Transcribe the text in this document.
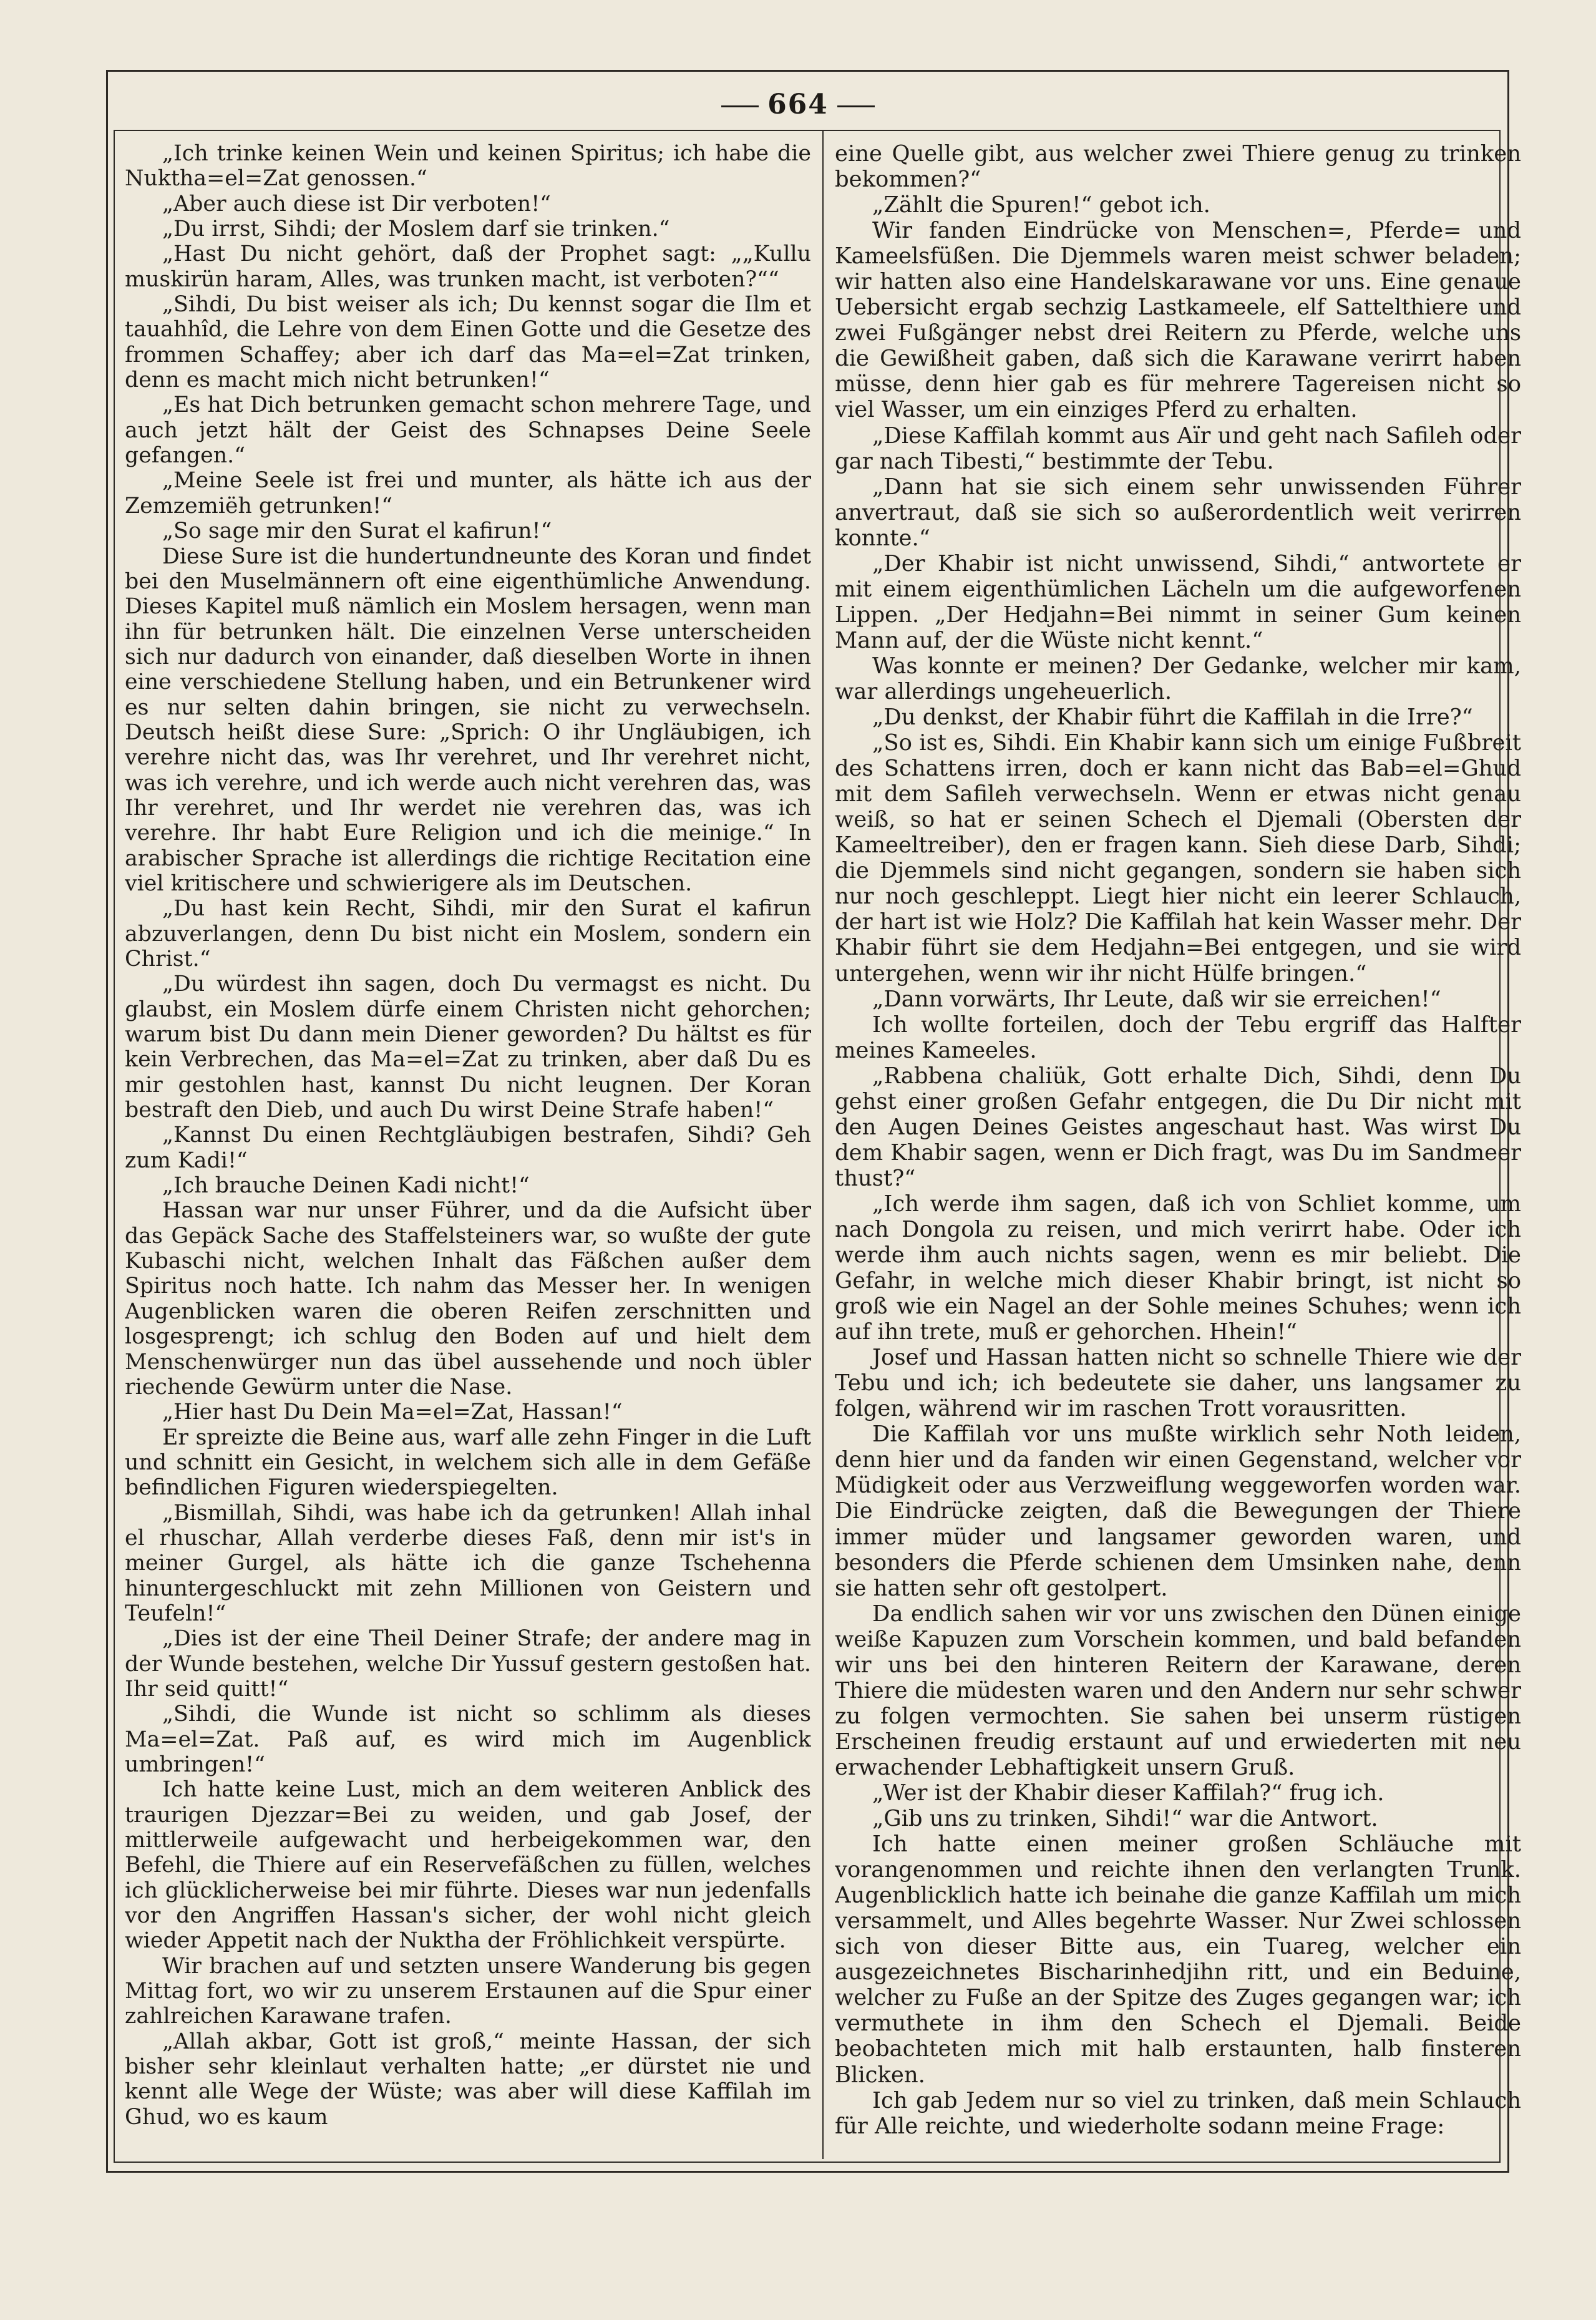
664

„Ich trinke keinen Wein und keinen Spiritus; ich habe die Nuktha=el=Zat genossen.“

„Aber auch diese ist Dir verboten!“

„Du irrst, Sihdi; der Moslem darf sie trinken.“

„Hast Du nicht gehört, daß der Prophet sagt: „„Kullu muskirün haram, Alles, was trunken macht, ist verboten?““

„Sihdi, Du bist weiser als ich; Du kennst sogar die Ilm et tauahhîd, die Lehre von dem Einen Gotte und die Gesetze des frommen Schaffey; aber ich darf das Ma=el=Zat trinken, denn es macht mich nicht betrunken!“

„Es hat Dich betrunken gemacht schon mehrere Tage, und auch jetzt hält der Geist des Schnapses Deine Seele gefangen.“

„Meine Seele ist frei und munter, als hätte ich aus der Zemzemiëh getrunken!“

„So sage mir den Surat el kafirun!“

Diese Sure ist die hundertundneunte des Koran und findet bei den Muselmännern oft eine eigenthümliche Anwendung. Dieses Kapitel muß nämlich ein Moslem hersagen, wenn man ihn für betrunken hält. Die einzelnen Verse unterscheiden sich nur dadurch von einander, daß dieselben Worte in ihnen eine verschiedene Stellung haben, und ein Betrunkener wird es nur selten dahin bringen, sie nicht zu verwechseln. Deutsch heißt diese Sure: „Sprich: O ihr Ungläubigen, ich verehre nicht das, was Ihr verehret, und Ihr verehret nicht, was ich verehre, und ich werde auch nicht verehren das, was Ihr verehret, und Ihr werdet nie verehren das, was ich verehre. Ihr habt Eure Religion und ich die meinige.“ In arabischer Sprache ist allerdings die richtige Recitation eine viel kritischere und schwierigere als im Deutschen.

„Du hast kein Recht, Sihdi, mir den Surat el kafirun abzuverlangen, denn Du bist nicht ein Moslem, sondern ein Christ.“

„Du würdest ihn sagen, doch Du vermagst es nicht. Du glaubst, ein Moslem dürfe einem Christen nicht gehorchen; warum bist Du dann mein Diener geworden? Du hältst es für kein Verbrechen, das Ma=el=Zat zu trinken, aber daß Du es mir gestohlen hast, kannst Du nicht leugnen. Der Koran bestraft den Dieb, und auch Du wirst Deine Strafe haben!“

„Kannst Du einen Rechtgläubigen bestrafen, Sihdi? Geh zum Kadi!“

„Ich brauche Deinen Kadi nicht!“

Hassan war nur unser Führer, und da die Aufsicht über das Gepäck Sache des Staffelsteiners war, so wußte der gute Kubaschi nicht, welchen Inhalt das Fäßchen außer dem Spiritus noch hatte. Ich nahm das Messer her. In wenigen Augenblicken waren die oberen Reifen zerschnitten und losgesprengt; ich schlug den Boden auf und hielt dem Menschenwürger nun das übel aussehende und noch übler riechende Gewürm unter die Nase.

„Hier hast Du Dein Ma=el=Zat, Hassan!“

Er spreizte die Beine aus, warf alle zehn Finger in die Luft und schnitt ein Gesicht, in welchem sich alle in dem Gefäße befindlichen Figuren wiederspiegelten.

„Bismillah, Sihdi, was habe ich da getrunken! Allah inhal el rhuschar, Allah verderbe dieses Faß, denn mir ist's in meiner Gurgel, als hätte ich die ganze Tschehenna hinuntergeschluckt mit zehn Millionen von Geistern und Teufeln!“

„Dies ist der eine Theil Deiner Strafe; der andere mag in der Wunde bestehen, welche Dir Yussuf gestern gestoßen hat. Ihr seid quitt!“

„Sihdi, die Wunde ist nicht so schlimm als dieses Ma=el=Zat. Paß auf, es wird mich im Augenblick umbringen!“

Ich hatte keine Lust, mich an dem weiteren Anblick des traurigen Djezzar=Bei zu weiden, und gab Josef, der mittlerweile aufgewacht und herbeigekommen war, den Befehl, die Thiere auf ein Reservefäßchen zu füllen, welches ich glücklicherweise bei mir führte. Dieses war nun jedenfalls vor den Angriffen Hassan's sicher, der wohl nicht gleich wieder Appetit nach der Nuktha der Fröhlichkeit verspürte.

Wir brachen auf und setzten unsere Wanderung bis gegen Mittag fort, wo wir zu unserem Erstaunen auf die Spur einer zahlreichen Karawane trafen.

„Allah akbar, Gott ist groß,“ meinte Hassan, der sich bisher sehr kleinlaut verhalten hatte; „er dürstet nie und kennt alle Wege der Wüste; was aber will diese Kaffilah im Ghud, wo es kaum

eine Quelle gibt, aus welcher zwei Thiere genug zu trinken bekommen?“

„Zählt die Spuren!“ gebot ich.

Wir fanden Eindrücke von Menschen=, Pferde= und Kameelsfüßen. Die Djemmels waren meist schwer beladen; wir hatten also eine Handelskarawane vor uns. Eine genaue Uebersicht ergab sechzig Lastkameele, elf Sattelthiere und zwei Fußgänger nebst drei Reitern zu Pferde, welche uns die Gewißheit gaben, daß sich die Karawane verirrt haben müsse, denn hier gab es für mehrere Tagereisen nicht so viel Wasser, um ein einziges Pferd zu erhalten.

„Diese Kaffilah kommt aus Aïr und geht nach Safileh oder gar nach Tibesti,“ bestimmte der Tebu.

„Dann hat sie sich einem sehr unwissenden Führer anvertraut, daß sie sich so außerordentlich weit verirren konnte.“

„Der Khabir ist nicht unwissend, Sihdi,“ antwortete er mit einem eigenthümlichen Lächeln um die aufgeworfenen Lippen. „Der Hedjahn=Bei nimmt in seiner Gum keinen Mann auf, der die Wüste nicht kennt.“

Was konnte er meinen? Der Gedanke, welcher mir kam, war allerdings ungeheuerlich.

„Du denkst, der Khabir führt die Kaffilah in die Irre?“

„So ist es, Sihdi. Ein Khabir kann sich um einige Fußbreit des Schattens irren, doch er kann nicht das Bab=el=Ghud mit dem Safileh verwechseln. Wenn er etwas nicht genau weiß, so hat er seinen Schech el Djemali (Obersten der Kameeltreiber), den er fragen kann. Sieh diese Darb, Sihdi; die Djemmels sind nicht gegangen, sondern sie haben sich nur noch geschleppt. Liegt hier nicht ein leerer Schlauch, der hart ist wie Holz? Die Kaffilah hat kein Wasser mehr. Der Khabir führt sie dem Hedjahn=Bei entgegen, und sie wird untergehen, wenn wir ihr nicht Hülfe bringen.“

„Dann vorwärts, Ihr Leute, daß wir sie erreichen!“

Ich wollte forteilen, doch der Tebu ergriff das Halfter meines Kameeles.

„Rabbena chaliük, Gott erhalte Dich, Sihdi, denn Du gehst einer großen Gefahr entgegen, die Du Dir nicht mit den Augen Deines Geistes angeschaut hast. Was wirst Du dem Khabir sagen, wenn er Dich fragt, was Du im Sandmeer thust?“

„Ich werde ihm sagen, daß ich von Schliet komme, um nach Dongola zu reisen, und mich verirrt habe. Oder ich werde ihm auch nichts sagen, wenn es mir beliebt. Die Gefahr, in welche mich dieser Khabir bringt, ist nicht so groß wie ein Nagel an der Sohle meines Schuhes; wenn ich auf ihn trete, muß er gehorchen. Hhein!“

Josef und Hassan hatten nicht so schnelle Thiere wie der Tebu und ich; ich bedeutete sie daher, uns langsamer zu folgen, während wir im raschen Trott vorausritten.

Die Kaffilah vor uns mußte wirklich sehr Noth leiden, denn hier und da fanden wir einen Gegenstand, welcher vor Müdigkeit oder aus Verzweiflung weggeworfen worden war. Die Eindrücke zeigten, daß die Bewegungen der Thiere immer müder und langsamer geworden waren, und besonders die Pferde schienen dem Umsinken nahe, denn sie hatten sehr oft gestolpert.

Da endlich sahen wir vor uns zwischen den Dünen einige weiße Kapuzen zum Vorschein kommen, und bald befanden wir uns bei den hinteren Reitern der Karawane, deren Thiere die müdesten waren und den Andern nur sehr schwer zu folgen vermochten. Sie sahen bei unserm rüstigen Erscheinen freudig erstaunt auf und erwiederten mit neu erwachender Lebhaftigkeit unsern Gruß.

„Wer ist der Khabir dieser Kaffilah?“ frug ich.

„Gib uns zu trinken, Sihdi!“ war die Antwort.

Ich hatte einen meiner großen Schläuche mit vorangenommen und reichte ihnen den verlangten Trunk. Augenblicklich hatte ich beinahe die ganze Kaffilah um mich versammelt, und Alles begehrte Wasser. Nur Zwei schlossen sich von dieser Bitte aus, ein Tuareg, welcher ein ausgezeichnetes Bischarinhedjihn ritt, und ein Beduine, welcher zu Fuße an der Spitze des Zuges gegangen war; ich vermuthete in ihm den Schech el Djemali. Beide beobachteten mich mit halb erstaunten, halb finsteren Blicken.

Ich gab Jedem nur so viel zu trinken, daß mein Schlauch für Alle reichte, und wiederholte sodann meine Frage:
